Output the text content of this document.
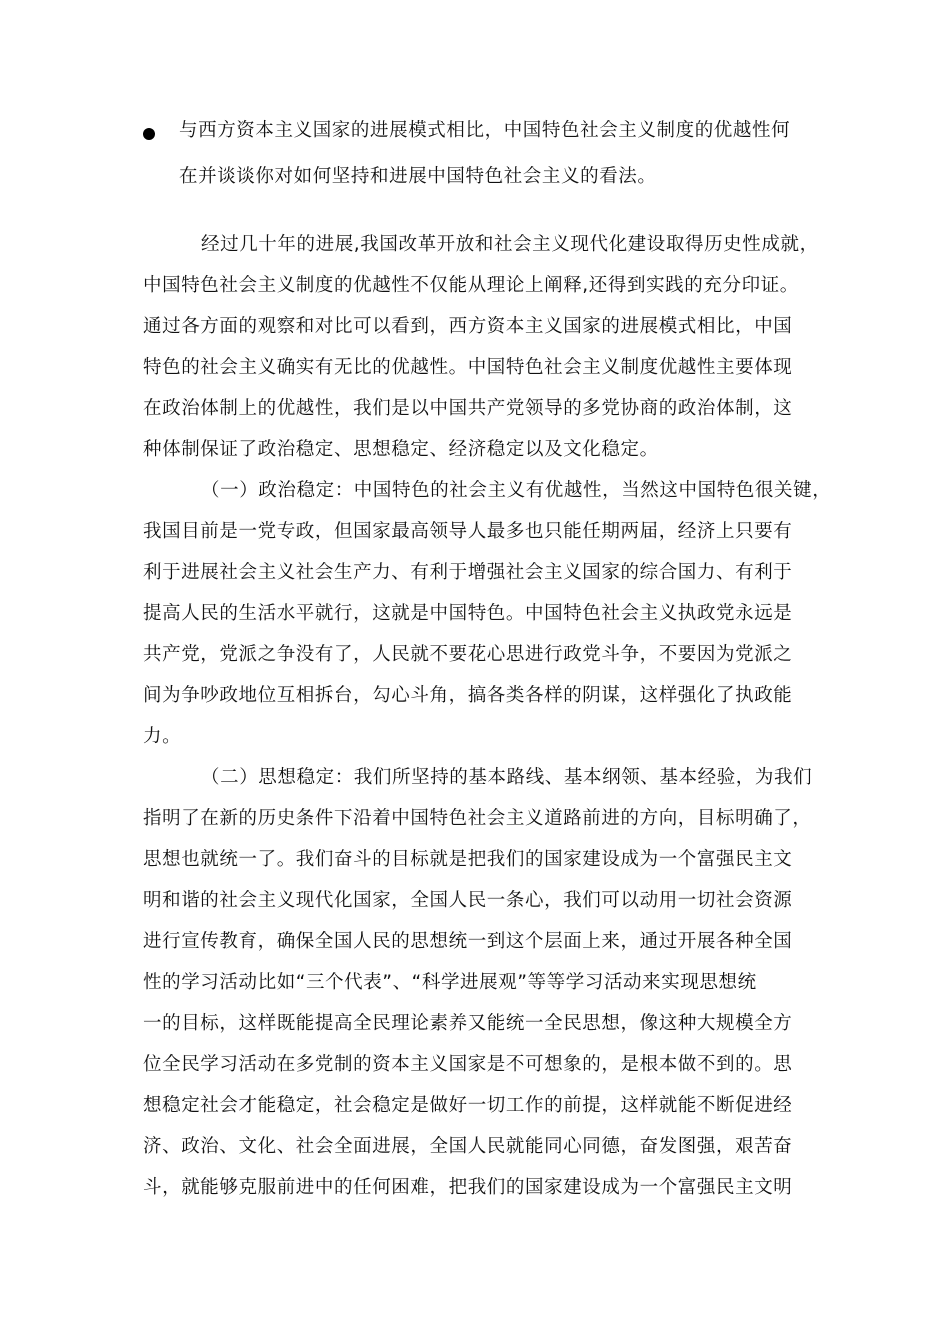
与西方资本主义国家的进展模式相比，中国特色社会主义制度的优越性何
在并谈谈你对如何坚持和进展中国特色社会主义的看法。
经过几十年的进展,我国改革开放和社会主义现代化建设取得历史性成就，
中国特色社会主义制度的优越性不仅能从理论上阐释,还得到实践的充分印证。
通过各方面的观察和对比可以看到，西方资本主义国家的进展模式相比，中国
特色的社会主义确实有无比的优越性。中国特色社会主义制度优越性主要体现
在政治体制上的优越性，我们是以中国共产党领导的多党协商的政治体制，这
种体制保证了政治稳定、思想稳定、经济稳定以及文化稳定。
（一）政治稳定：中国特色的社会主义有优越性，当然这中国特色很关键，
我国目前是一党专政，但国家最高领导人最多也只能任期两届，经济上只要有
利于进展社会主义社会生产力、有利于增强社会主义国家的综合国力、有利于
提高人民的生活水平就行，这就是中国特色。中国特色社会主义执政党永远是
共产党，党派之争没有了，人民就不要花心思进行政党斗争，不要因为党派之
间为争吵政地位互相拆台，勾心斗角，搞各类各样的阴谋，这样强化了执政能
力。
（二）思想稳定：我们所坚持的基本路线、基本纲领、基本经验，为我们
指明了在新的历史条件下沿着中国特色社会主义道路前进的方向，目标明确了，
思想也就统一了。我们奋斗的目标就是把我们的国家建设成为一个富强民主文
明和谐的社会主义现代化国家，全国人民一条心，我们可以动用一切社会资源
进行宣传教育，确保全国人民的思想统一到这个层面上来，通过开展各种全国
性的学习活动比如“三个代表”、“科学进展观”等等学习活动来实现思想统
一的目标，这样既能提高全民理论素养又能统一全民思想，像这种大规模全方
位全民学习活动在多党制的资本主义国家是不可想象的，是根本做不到的。思
想稳定社会才能稳定，社会稳定是做好一切工作的前提，这样就能不断促进经
济、政治、文化、社会全面进展，全国人民就能同心同德，奋发图强，艰苦奋
斗，就能够克服前进中的任何困难，把我们的国家建设成为一个富强民主文明
